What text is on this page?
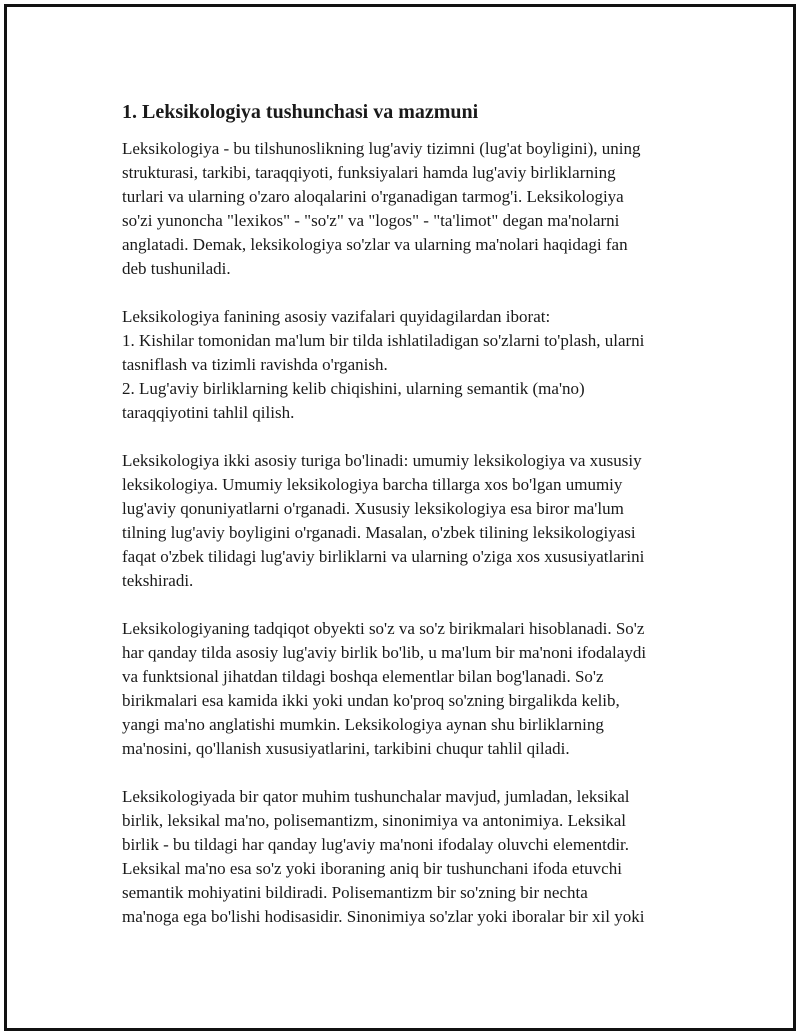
1. Leksikologiya tushunchasi va mazmuni
Leksikologiya - bu tilshunoslikning lug'aviy tizimni (lug'at boyligini), uning
strukturasi, tarkibi, taraqqiyoti, funksiyalari hamda lug'aviy birliklarning
turlari va ularning o'zaro aloqalarini o'rganadigan tarmog'i. Leksikologiya
so'zi yunoncha "lexikos" - "so'z" va "logos" - "ta'limot" degan ma'nolarni
anglatadi. Demak, leksikologiya so'zlar va ularning ma'nolari haqidagi fan
deb tushuniladi.
Leksikologiya fanining asosiy vazifalari quyidagilardan iborat:
1. Kishilar tomonidan ma'lum bir tilda ishlatiladigan so'zlarni to'plash, ularni
tasniflash va tizimli ravishda o'rganish.
2. Lug'aviy birliklarning kelib chiqishini, ularning semantik (ma'no)
taraqqiyotini tahlil qilish.
Leksikologiya ikki asosiy turiga bo'linadi: umumiy leksikologiya va xususiy
leksikologiya. Umumiy leksikologiya barcha tillarga xos bo'lgan umumiy
lug'aviy qonuniyatlarni o'rganadi. Xususiy leksikologiya esa biror ma'lum
tilning lug'aviy boyligini o'rganadi. Masalan, o'zbek tilining leksikologiyasi
faqat o'zbek tilidagi lug'aviy birliklarni va ularning o'ziga xos xususiyatlarini
tekshiradi.
Leksikologiyaning tadqiqot obyekti so'z va so'z birikmalari hisoblanadi. So'z
har qanday tilda asosiy lug'aviy birlik bo'lib, u ma'lum bir ma'noni ifodalaydi
va funktsional jihatdan tildagi boshqa elementlar bilan bog'lanadi. So'z
birikmalari esa kamida ikki yoki undan ko'proq so'zning birgalikda kelib,
yangi ma'no anglatishi mumkin. Leksikologiya aynan shu birliklarning
ma'nosini, qo'llanish xususiyatlarini, tarkibini chuqur tahlil qiladi.
Leksikologiyada bir qator muhim tushunchalar mavjud, jumladan, leksikal
birlik, leksikal ma'no, polisemantizm, sinonimiya va antonimiya. Leksikal
birlik - bu tildagi har qanday lug'aviy ma'noni ifodalay oluvchi elementdir.
Leksikal ma'no esa so'z yoki iboraning aniq bir tushunchani ifoda etuvchi
semantik mohiyatini bildiradi. Polisemantizm bir so'zning bir nechta
ma'noga ega bo'lishi hodisasidir. Sinonimiya so'zlar yoki iboralar bir xil yoki
